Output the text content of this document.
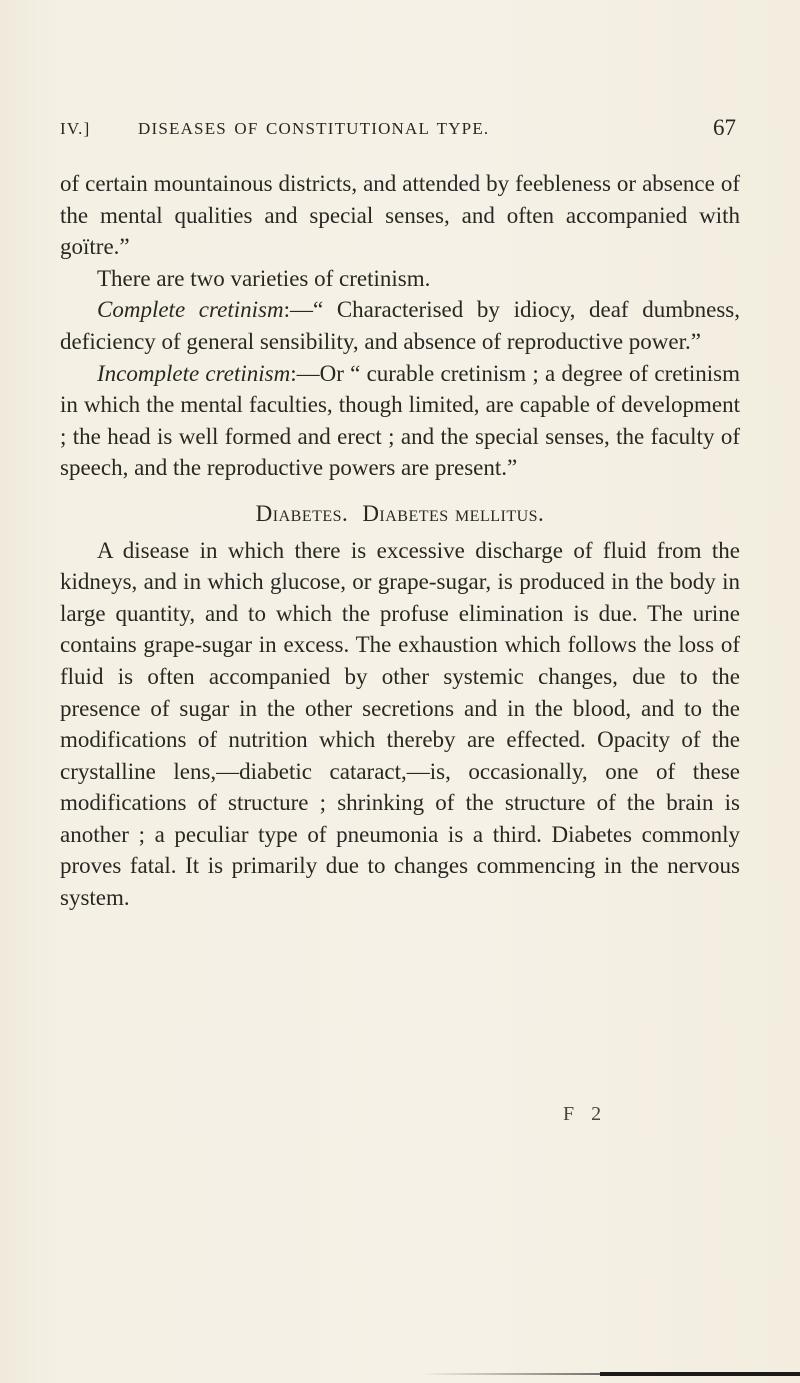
IV.]	DISEASES OF CONSTITUTIONAL TYPE.	67

of certain mountainous districts, and attended by feebleness or absence of the mental qualities and special senses, and often accompanied with goïtre.”

There are two varieties of cretinism.

Complete cretinism:—“ Characterised by idiocy, deaf dumbness, deficiency of general sensibility, and absence of reproductive power.”

Incomplete cretinism:—Or “ curable cretinism ; a degree of cretinism in which the mental faculties, though limited, are capable of development ; the head is well formed and erect ; and the special senses, the faculty of speech, and the reproductive powers are present.”

Diabetes. Diabetes mellitus.

A disease in which there is excessive discharge of fluid from the kidneys, and in which glucose, or grape-sugar, is produced in the body in large quantity, and to which the profuse elimination is due. The urine contains grape-sugar in excess. The exhaustion which follows the loss of fluid is often accompanied by other systemic changes, due to the presence of sugar in the other secretions and in the blood, and to the modifications of nutrition which thereby are effected. Opacity of the crystalline lens,—diabetic cataract,—is, occasionally, one of these modifications of structure ; shrinking of the structure of the brain is another ; a peculiar type of pneumonia is a third. Diabetes commonly proves fatal. It is primarily due to changes commencing in the nervous system.

F 2
